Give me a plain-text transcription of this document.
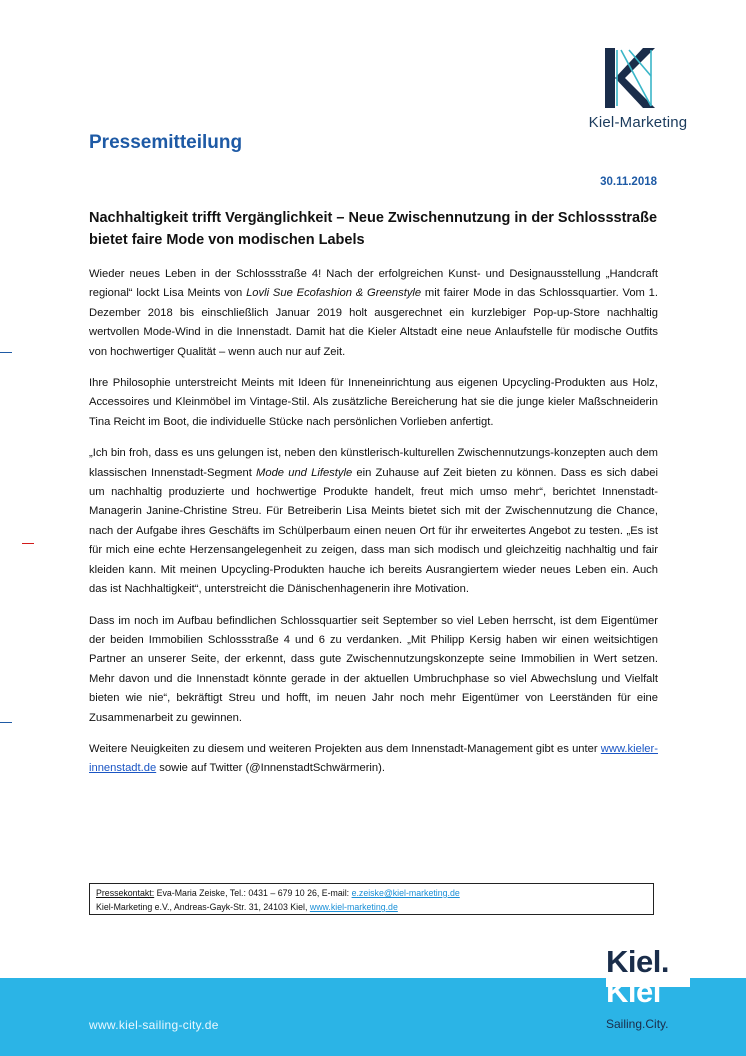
Kiel-Marketing
Pressemitteilung
30.11.2018
Nachhaltigkeit trifft Vergänglichkeit – Neue Zwischennutzung in der Schlossstraße bietet faire Mode von modischen Labels

Wieder neues Leben in der Schlossstraße 4! Nach der erfolgreichen Kunst- und Designausstellung „Handcraft regional“ lockt Lisa Meints von Lovli Sue Ecofashion & Greenstyle mit fairer Mode in das Schlossquartier. Vom 1. Dezember 2018 bis einschließlich Januar 2019 holt ausgerechnet ein kurzlebiger Pop-up-Store nachhaltig wertvollen Mode-Wind in die Innenstadt. Damit hat die Kieler Altstadt eine neue Anlaufstelle für modische Outfits von hochwertiger Qualität – wenn auch nur auf Zeit.

Ihre Philosophie unterstreicht Meints mit Ideen für Inneneinrichtung aus eigenen Upcycling-Produkten aus Holz, Accessoires und Kleinmöbel im Vintage-Stil. Als zusätzliche Bereicherung hat sie die junge kieler Maßschneiderin Tina Reicht im Boot, die individuelle Stücke nach persönlichen Vorlieben anfertigt.

„Ich bin froh, dass es uns gelungen ist, neben den künstlerisch-kulturellen Zwischennutzungs-konzepten auch dem klassischen Innenstadt-Segment Mode und Lifestyle ein Zuhause auf Zeit bieten zu können. Dass es sich dabei um nachhaltig produzierte und hochwertige Produkte handelt, freut mich umso mehr“, berichtet Innenstadt-Managerin Janine-Christine Streu. Für Betreiberin Lisa Meints bietet sich mit der Zwischennutzung die Chance, nach der Aufgabe ihres Geschäfts im Schülperbaum einen neuen Ort für ihr erweitertes Angebot zu testen. „Es ist für mich eine echte Herzensangelegenheit zu zeigen, dass man sich modisch und gleichzeitig nachhaltig und fair kleiden kann. Mit meinen Upcycling-Produkten hauche ich bereits Ausrangiertem wieder neues Leben ein. Auch das ist Nachhaltigkeit“, unterstreicht die Dänischenhagenerin ihre Motivation.

Dass im noch im Aufbau befindlichen Schlossquartier seit September so viel Leben herrscht, ist dem Eigentümer der beiden Immobilien Schlossstraße 4 und 6 zu verdanken. „Mit Philipp Kersig haben wir einen weitsichtigen Partner an unserer Seite, der erkennt, dass gute Zwischennutzungskonzepte seine Immobilien in Wert setzen. Mehr davon und die Innenstadt könnte gerade in der aktuellen Umbruchphase so viel Abwechslung und Vielfalt bieten wie nie“, bekräftigt Streu und hofft, im neuen Jahr noch mehr Eigentümer von Leerständen für eine Zusammenarbeit zu gewinnen.

Weitere Neuigkeiten zu diesem und weiteren Projekten aus dem Innenstadt-Management gibt es unter www.kieler-innenstadt.de sowie auf Twitter (@InnenstadtSchwärmerin).

Pressekontakt: Eva-Maria Zeiske, Tel.: 0431 – 679 10 26, E-mail: e.zeiske@kiel-marketing.de
Kiel-Marketing e.V., Andreas-Gayk-Str. 31, 24103 Kiel, www.kiel-marketing.de
www.kiel-sailing-city.de
Kiel.
Kiel
Sailing.City.
